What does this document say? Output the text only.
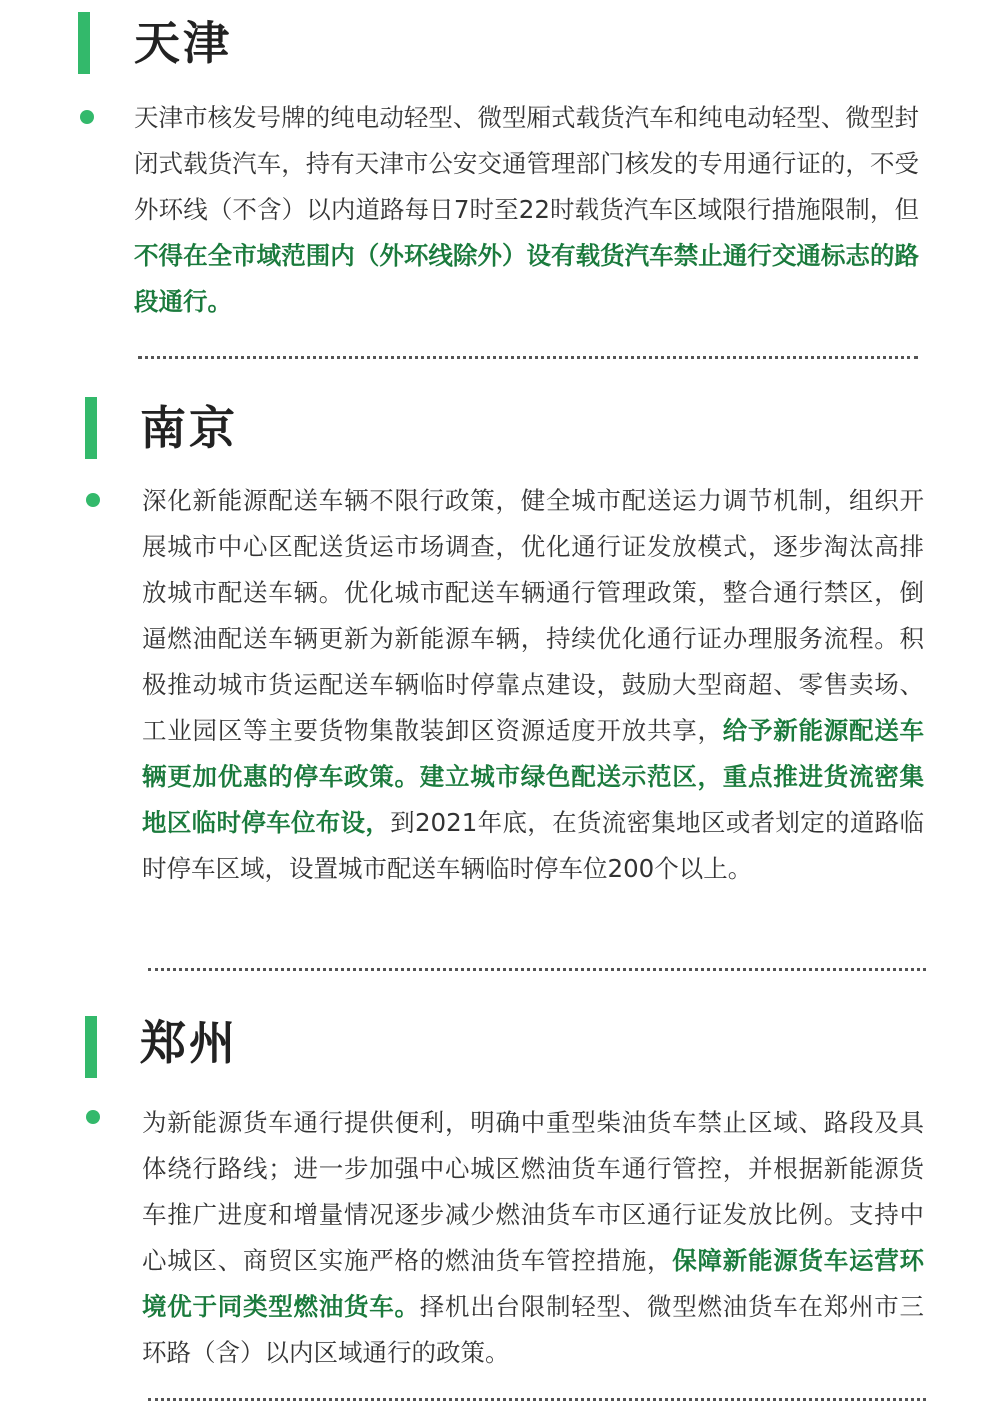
天津

天津市核发号牌的纯电动轻型、微型厢式载货汽车和纯电动轻型、微型封闭式载货汽车，持有天津市公安交通管理部门核发的专用通行证的，不受外环线（不含）以内道路每日7时至22时载货汽车区域限行措施限制，但不得在全市域范围内（外环线除外）设有载货汽车禁止通行交通标志的路段通行。

南京

深化新能源配送车辆不限行政策，健全城市配送运力调节机制，组织开展城市中心区配送货运市场调查，优化通行证发放模式，逐步淘汰高排放城市配送车辆。优化城市配送车辆通行管理政策，整合通行禁区，倒逼燃油配送车辆更新为新能源车辆，持续优化通行证办理服务流程。积极推动城市货运配送车辆临时停靠点建设，鼓励大型商超、零售卖场、工业园区等主要货物集散装卸区资源适度开放共享，给予新能源配送车辆更加优惠的停车政策。建立城市绿色配送示范区，重点推进货流密集地区临时停车位布设，到2021年底，在货流密集地区或者划定的道路临时停车区域，设置城市配送车辆临时停车位200个以上。

郑州

为新能源货车通行提供便利，明确中重型柴油货车禁止区域、路段及具体绕行路线；进一步加强中心城区燃油货车通行管控，并根据新能源货车推广进度和增量情况逐步减少燃油货车市区通行证发放比例。支持中心城区、商贸区实施严格的燃油货车管控措施，保障新能源货车运营环境优于同类型燃油货车。择机出台限制轻型、微型燃油货车在郑州市三环路（含）以内区域通行的政策。
